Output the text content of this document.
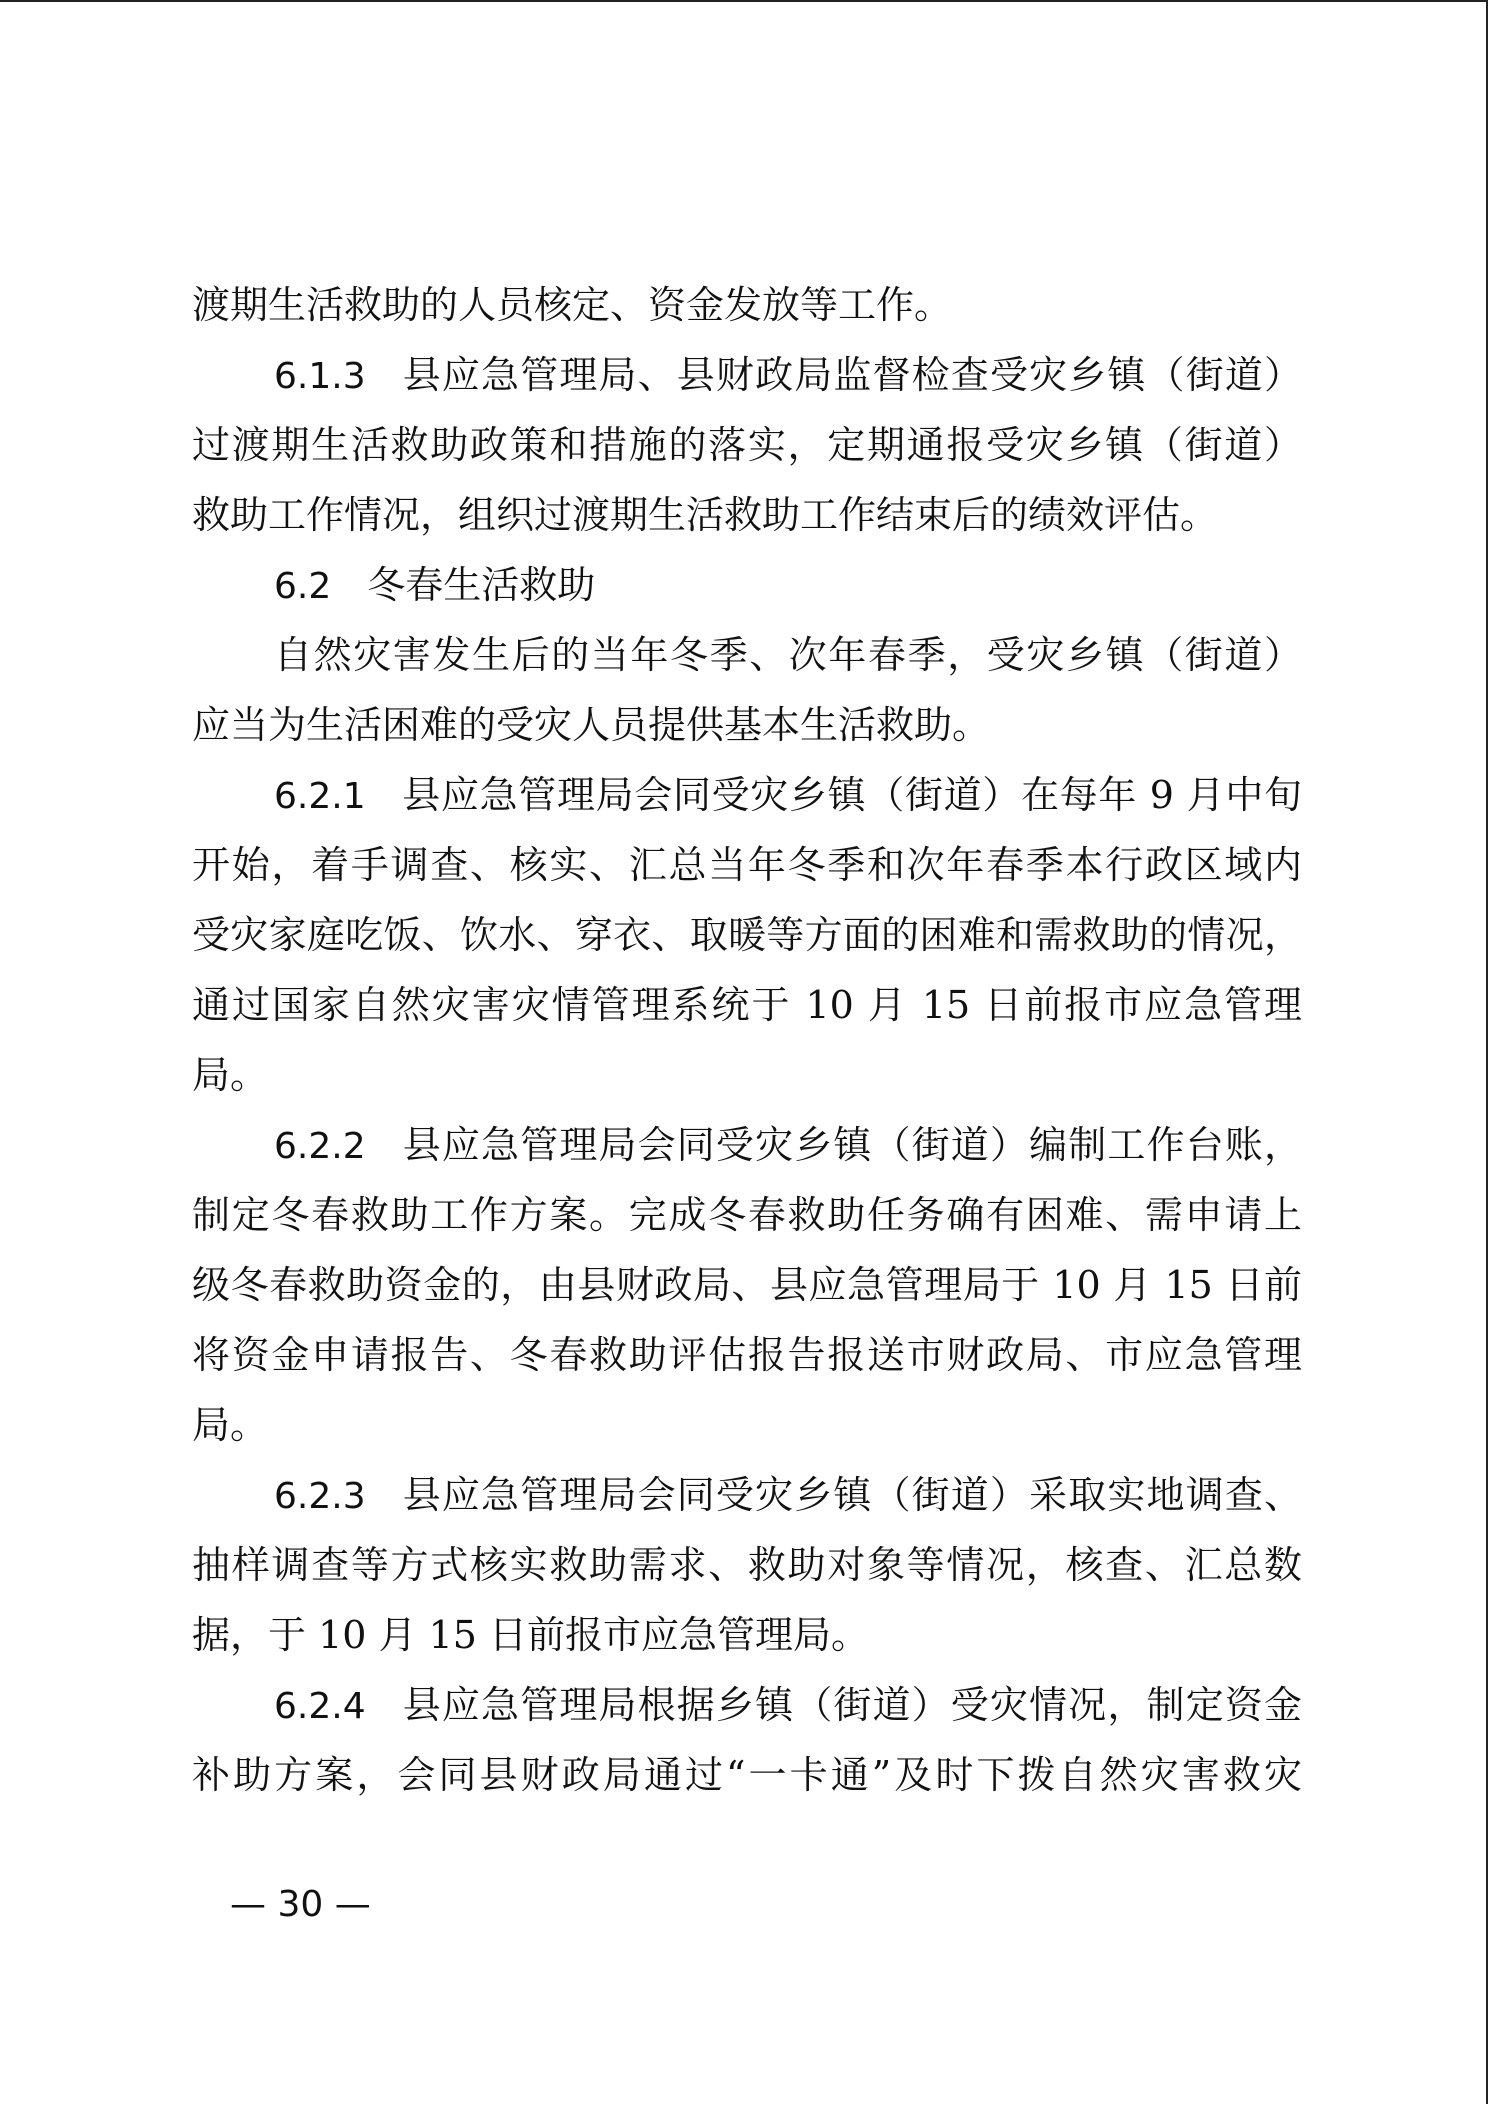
渡期生活救助的人员核定、资金发放等工作。
6.1.3 县应急管理局、县财政局监督检查受灾乡镇（街道）
过渡期生活救助政策和措施的落实，定期通报受灾乡镇（街道）
救助工作情况，组织过渡期生活救助工作结束后的绩效评估。
6.2 冬春生活救助
自然灾害发生后的当年冬季、次年春季，受灾乡镇（街道）
应当为生活困难的受灾人员提供基本生活救助。
6.2.1 县应急管理局会同受灾乡镇（街道）在每年 9 月中旬
开始，着手调查、核实、汇总当年冬季和次年春季本行政区域内
受灾家庭吃饭、饮水、穿衣、取暖等方面的困难和需救助的情况，
通过国家自然灾害灾情管理系统于 10 月 15 日前报市应急管理
局。
6.2.2 县应急管理局会同受灾乡镇（街道）编制工作台账，
制定冬春救助工作方案。完成冬春救助任务确有困难、需申请上
级冬春救助资金的，由县财政局、县应急管理局于 10 月 15 日前
将资金申请报告、冬春救助评估报告报送市财政局、市应急管理
局。
6.2.3 县应急管理局会同受灾乡镇（街道）采取实地调查、
抽样调查等方式核实救助需求、救助对象等情况，核查、汇总数
据，于 10 月 15 日前报市应急管理局。
6.2.4 县应急管理局根据乡镇（街道）受灾情况，制定资金
补助方案，会同县财政局通过“一卡通”及时下拨自然灾害救灾
— 30 —
